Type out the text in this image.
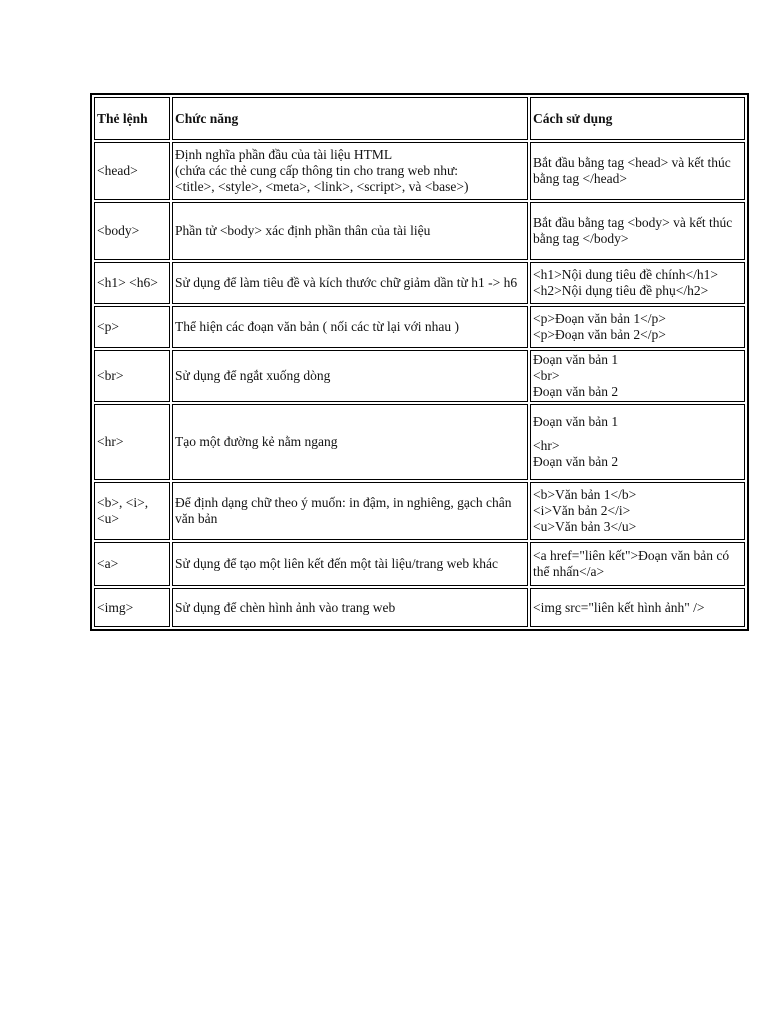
Thẻ lệnh	Chức năng	Cách sử dụng
<head>	Định nghĩa phần đầu của tài liệu HTML
(chứa các thẻ cung cấp thông tin cho trang web như:
<title>, <style>, <meta>, <link>, <script>, và <base>)	Bắt đầu bằng tag <head> và kết thúc bằng tag </head>

<body>	Phần tử <body> xác định phần thân của tài liệu	Bắt đầu bằng tag <body> và kết thúc bằng tag </body>

<h1> <h6>	Sử dụng để làm tiêu đề và kích thước chữ giảm dần từ h1 -> h6	<h1>Nội dung tiêu đề chính</h1>
<h2>Nội dụng tiêu đề phụ</h2>

<p>	Thể hiện các đoạn văn bản ( nối các từ lại với nhau )	<p>Đoạn văn bản 1</p>
<p>Đoạn văn bản 2</p>

<br>	Sử dụng để ngắt xuống dòng	Đoạn văn bản 1
<br>
Đoạn văn bản 2

<hr>	Tạo một đường kẻ nằm ngang	Đoạn văn bản 1
<hr>
Đoạn văn bản 2

<b>, <i>, <u>	Để định dạng chữ theo ý muốn: in đậm, in nghiêng, gạch chân văn bản	<b>Văn bản 1</b>
<i>Văn bản 2</i>
<u>Văn bản 3</u>

<a>	Sử dụng để tạo một liên kết đến một tài liệu/trang web khác	<a href="liên kết">Đoạn văn bản có thể nhấn</a>

<img>	Sử dụng để chèn hình ảnh vào trang web	<img src="liên kết hình ảnh" />
